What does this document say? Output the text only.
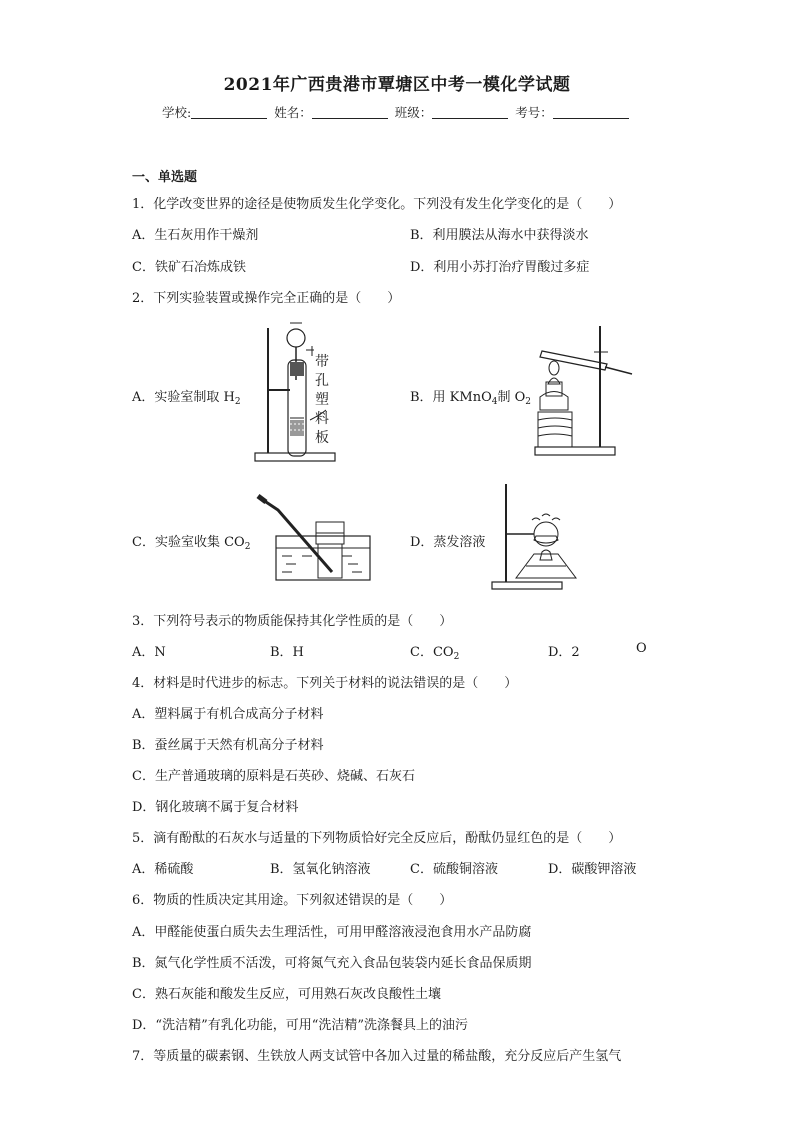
2021年广西贵港市覃塘区中考一模化学试题
学校:	姓名：	班级：	考号：
一、单选题
1．化学改变世界的途径是使物质发生化学变化。下列没有发生化学变化的是（　　）
A．生石灰用作干燥剂	B．利用膜法从海水中获得淡水
C．铁矿石冶炼成铁	D．利用小苏打治疗胃酸过多症
2．下列实验装置或操作完全正确的是（　　）
A．实验室制取 $H_2$	B．用 KMnO$_4$制 $O_2$
C．实验室收集 $CO_2$	D．蒸发溶液
带孔塑料板
3．下列符号表示的物质能保持其化学性质的是（　　）
A．N	B．H	C．$CO_2$	D．2	O
4．材料是时代进步的标志。下列关于材料的说法错误的是（　　）
A．塑料属于有机合成高分子材料
B．蚕丝属于天然有机高分子材料
C．生产普通玻璃的原料是石英砂、烧碱、石灰石
D．钢化玻璃不属于复合材料
5．滴有酚酞的石灰水与适量的下列物质恰好完全反应后，酚酞仍显红色的是（　　）
A．稀硫酸	B．氢氧化钠溶液	C．硫酸铜溶液	D．碳酸钾溶液
6．物质的性质决定其用途。下列叙述错误的是（　　）
A．甲醛能使蛋白质失去生理活性，可用甲醛溶液浸泡食用水产品防腐
B．氮气化学性质不活泼，可将氮气充入食品包装袋内延长食品保质期
C．熟石灰能和酸发生反应，可用熟石灰改良酸性土壤
D．“洗洁精”有乳化功能，可用“洗洁精”洗涤餐具上的油污
7．等质量的碳素钢、生铁放人两支试管中各加入过量的稀盐酸，充分反应后产生氢气
